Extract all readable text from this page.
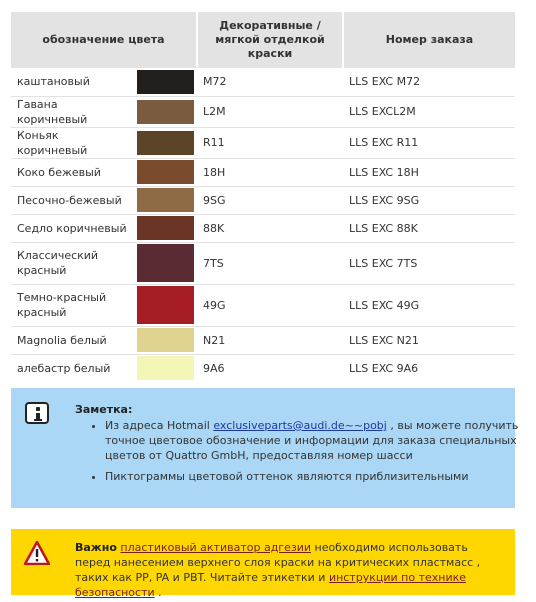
обозначение цвета		Декоративные /
мягкой отделкой
краски	Номер заказа
каштановый		M72	LLS EXC M72
Гавана коричневый		L2M	LLS EXCL2M
Коньяк коричневый		R11	LLS EXC R11
Коко бежевый		18H	LLS EXC 18H
Песочно-бежевый		9SG	LLS EXC 9SG
Седло коричневый		88K	LLS EXC 88K
Классический красный		7TS	LLS EXC 7TS
Темно-красный красный		49G	LLS EXC 49G
Magnolia белый		N21	LLS EXC N21
алебастр белый		9A6	LLS EXC 9A6
Заметка:
• Из адреса Hotmail exclusiveparts@audi.de~~pobj , вы можете получить точное цветовое обозначение и информации для заказа специальных цветов от Quattro GmbH, предоставляя номер шасси
• Пиктограммы цветовой оттенок являются приблизительными
Важно пластиковый активатор адгезии необходимо использовать перед нанесением верхнего слоя краски на критических пластмасс , таких как PP, PA и PBT. Читайте этикетки и инструкции по технике безопасности .
